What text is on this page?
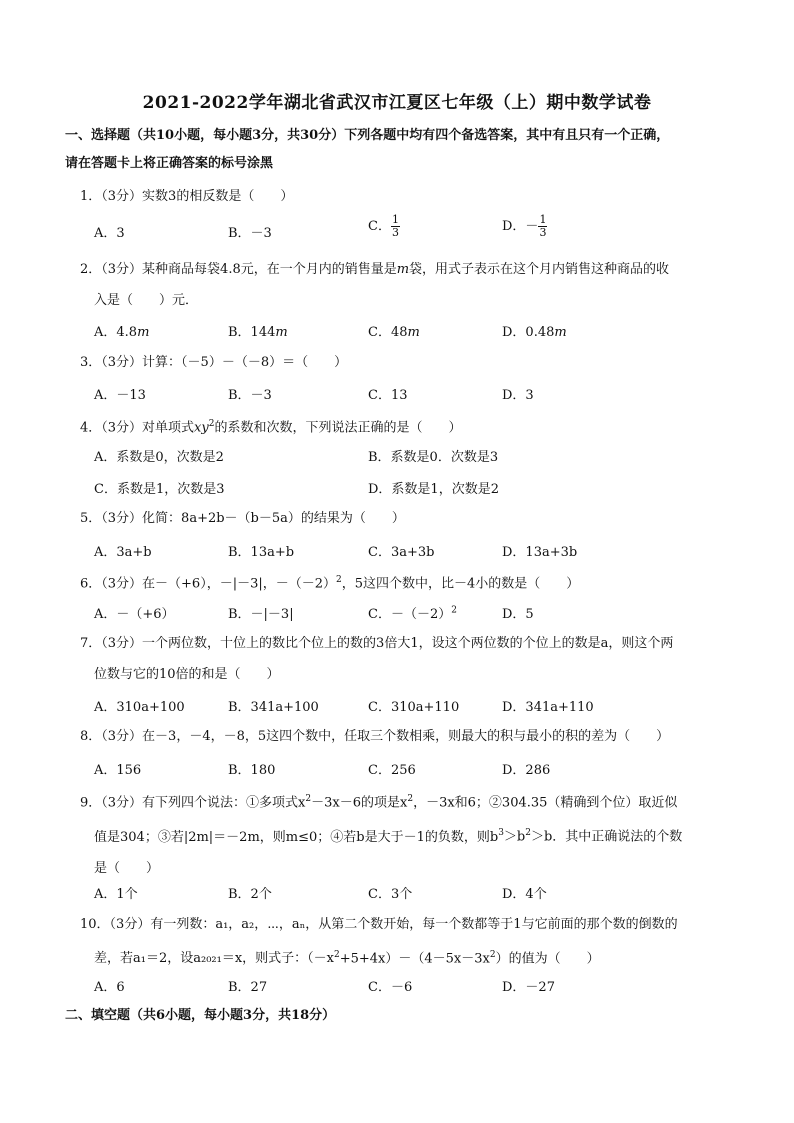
2021-2022学年湖北省武汉市江夏区七年级（上）期中数学试卷
一、选择题（共10小题，每小题3分，共30分）下列各题中均有四个备选答案，其中有且只有一个正确，
请在答题卡上将正确答案的标号涂黑
1．（3分）实数3的相反数是（　　）
A．3	B．－3	C． $\frac{1}{3}$	D．－ $\frac{1}{3}$
2．（3分）某种商品每袋4.8元，在一个月内的销售量是m袋，用式子表示在这个月内销售这种商品的收
入是（　　）元．
A．4.8m	B．144m	C．48m	D．0.48m
3．（3分）计算：（－5）－（－8）＝（　　）
A．－13	B．－3	C．13	D．3
4．（3分）对单项式$xy^2$的系数和次数，下列说法正确的是（　　）
A．系数是0，次数是2	B．系数是0．次数是3
C．系数是1，次数是3	D．系数是1，次数是2
5．（3分）化简：8a+2b－（b－5a）的结果为（　　）
A．3a+b	B．13a+b	C．3a+3b	D．13a+3b
6．（3分）在－（+6），－|－3|，$-(-2)^2$，5这四个数中，比－4小的数是（　　）
A．－（+6）	B．－|－3|	C．$-(-2)^2$	D．5
7．（3分）一个两位数，十位上的数比个位上的数的3倍大1，设这个两位数的个位上的数是a，则这个两
位数与它的10倍的和是（　　）
A．310a+100	B．341a+100	C．310a+110	D．341a+110
8．（3分）在－3，－4，－8，5这四个数中，任取三个数相乘，则最大的积与最小的积的差为（　　）
A．156	B．180	C．256	D．286
9．（3分）有下列四个说法：①多项式$x^2-3x-6$的项是$x^2$，－3x和6；②304.35（精确到个位）取近似
值是304；③若|2m|＝－2m，则m≤0；④若b是大于－1的负数，则$b^3>b^2>b$．其中正确说法的个数
是（　　）
A．1个	B．2个	C．3个	D．4个
10．（3分）有一列数：a₁，a₂，⋯，aₙ，从第二个数开始，每一个数都等于1与它前面的那个数的倒数的
差，若a₁＝2，设a₂₀₂₁＝x，则式子：$(-x^2+5+4x)-(4-5x-3x^2)$的值为（　　）
A．6	B．27	C．－6	D．－27
二、填空题（共6小题，每小题3分，共18分）
